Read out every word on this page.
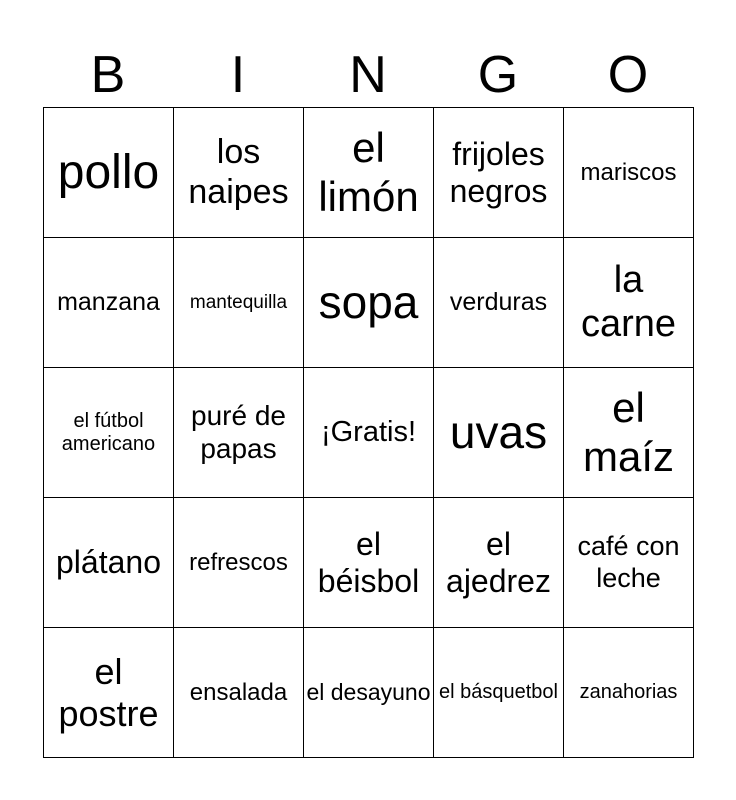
B	I	N	G	O
pollo	los naipes	el limón	frijoles negros	mariscos
manzana	mantequilla	sopa	verduras	la carne
el fútbol americano	puré de papas	¡Gratis!	uvas	el maíz
plátano	refrescos	el béisbol	el ajedrez	café con leche
el postre	ensalada	el desayuno	el básquetbol	zanahorias
